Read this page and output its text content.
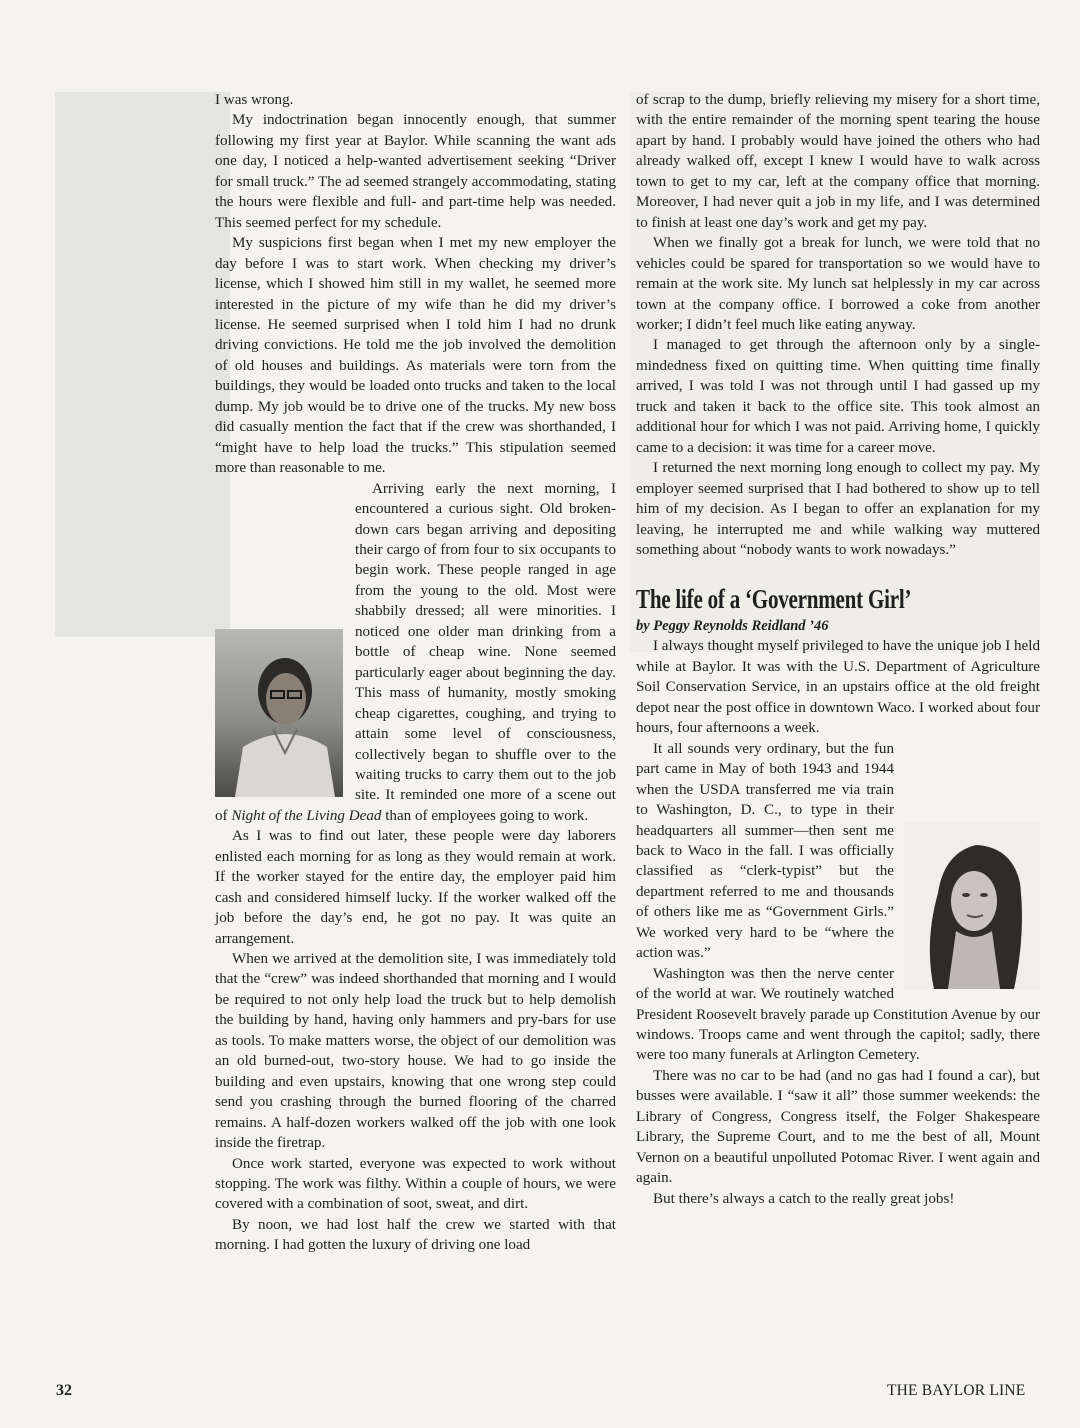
I was wrong.

My indoctrination began innocently enough, that summer following my first year at Baylor. While scanning the want ads one day, I noticed a help-wanted advertisement seeking “Driver for small truck.” The ad seemed strangely accommodating, stating the hours were flexible and full- and part-time help was needed. This seemed perfect for my schedule.

My suspicions first began when I met my new employer the day before I was to start work. When checking my driver’s license, which I showed him still in my wallet, he seemed more interested in the picture of my wife than he did my driver’s license. He seemed surprised when I told him I had no drunk driving convictions. He told me the job involved the demolition of old houses and buildings. As materials were torn from the buildings, they would be loaded onto trucks and taken to the local dump. My job would be to drive one of the trucks. My new boss did casually mention the fact that if the crew was shorthanded, I “might have to help load the trucks.” This stipulation seemed more than reasonable to me.

Arriving early the next morning, I encountered a curious sight. Old broken-down cars began arriving and depositing their cargo of from four to six occupants to begin work. These people ranged in age from the young to the old. Most were shabbily dressed; all were minorities. I noticed one older man drinking from a bottle of cheap wine. None seemed particularly eager about beginning the day. This mass of humanity, mostly smoking cheap cigarettes, coughing, and trying to attain some level of consciousness, collectively began to shuffle over to the waiting trucks to carry them out to the job site. It reminded one more of a scene out of Night of the Living Dead than of employees going to work.

As I was to find out later, these people were day laborers enlisted each morning for as long as they would remain at work. If the worker stayed for the entire day, the employer paid him cash and considered himself lucky. If the worker walked off the job before the day’s end, he got no pay. It was quite an arrangement.

When we arrived at the demolition site, I was immediately told that the “crew” was indeed shorthanded that morning and I would be required to not only help load the truck but to help demolish the building by hand, having only hammers and pry-bars for use as tools. To make matters worse, the object of our demolition was an old burned-out, two-story house. We had to go inside the building and even upstairs, knowing that one wrong step could send you crashing through the burned flooring of the charred remains. A half-dozen workers walked off the job with one look inside the firetrap.

Once work started, everyone was expected to work without stopping. The work was filthy. Within a couple of hours, we were covered with a combination of soot, sweat, and dirt.

By noon, we had lost half the crew we started with that morning. I had gotten the luxury of driving one load

of scrap to the dump, briefly relieving my misery for a short time, with the entire remainder of the morning spent tearing the house apart by hand. I probably would have joined the others who had already walked off, except I knew I would have to walk across town to get to my car, left at the company office that morning. Moreover, I had never quit a job in my life, and I was determined to finish at least one day’s work and get my pay.

When we finally got a break for lunch, we were told that no vehicles could be spared for transportation so we would have to remain at the work site. My lunch sat helplessly in my car across town at the company office. I borrowed a coke from another worker; I didn’t feel much like eating anyway.

I managed to get through the afternoon only by a single-mindedness fixed on quitting time. When quitting time finally arrived, I was told I was not through until I had gassed up my truck and taken it back to the office site. This took almost an additional hour for which I was not paid. Arriving home, I quickly came to a decision: it was time for a career move.

I returned the next morning long enough to collect my pay. My employer seemed surprised that I had bothered to show up to tell him of my decision. As I began to offer an explanation for my leaving, he interrupted me and while walking way muttered something about “nobody wants to work nowadays.”

The life of a ‘Government Girl’
by Peggy Reynolds Reidland ’46

I always thought myself privileged to have the unique job I held while at Baylor. It was with the U.S. Department of Agriculture Soil Conservation Service, in an upstairs office at the old freight depot near the post office in downtown Waco. I worked about four hours, four afternoons a week.

It all sounds very ordinary, but the fun part came in May of both 1943 and 1944 when the USDA transferred me via train to Washington, D. C., to type in their headquarters all summer—then sent me back to Waco in the fall. I was officially classified as “clerk-typist” but the department referred to me and thousands of others like me as “Government Girls.” We worked very hard to be “where the action was.”

Washington was then the nerve center of the world at war. We routinely watched President Roosevelt bravely parade up Constitution Avenue by our windows. Troops came and went through the capitol; sadly, there were too many funerals at Arlington Cemetery.

There was no car to be had (and no gas had I found a car), but busses were available. I “saw it all” those summer weekends: the Library of Congress, Congress itself, the Folger Shakespeare Library, the Supreme Court, and to me the best of all, Mount Vernon on a beautiful unpolluted Potomac River. I went again and again.

But there’s always a catch to the really great jobs!

32	THE BAYLOR LINE
